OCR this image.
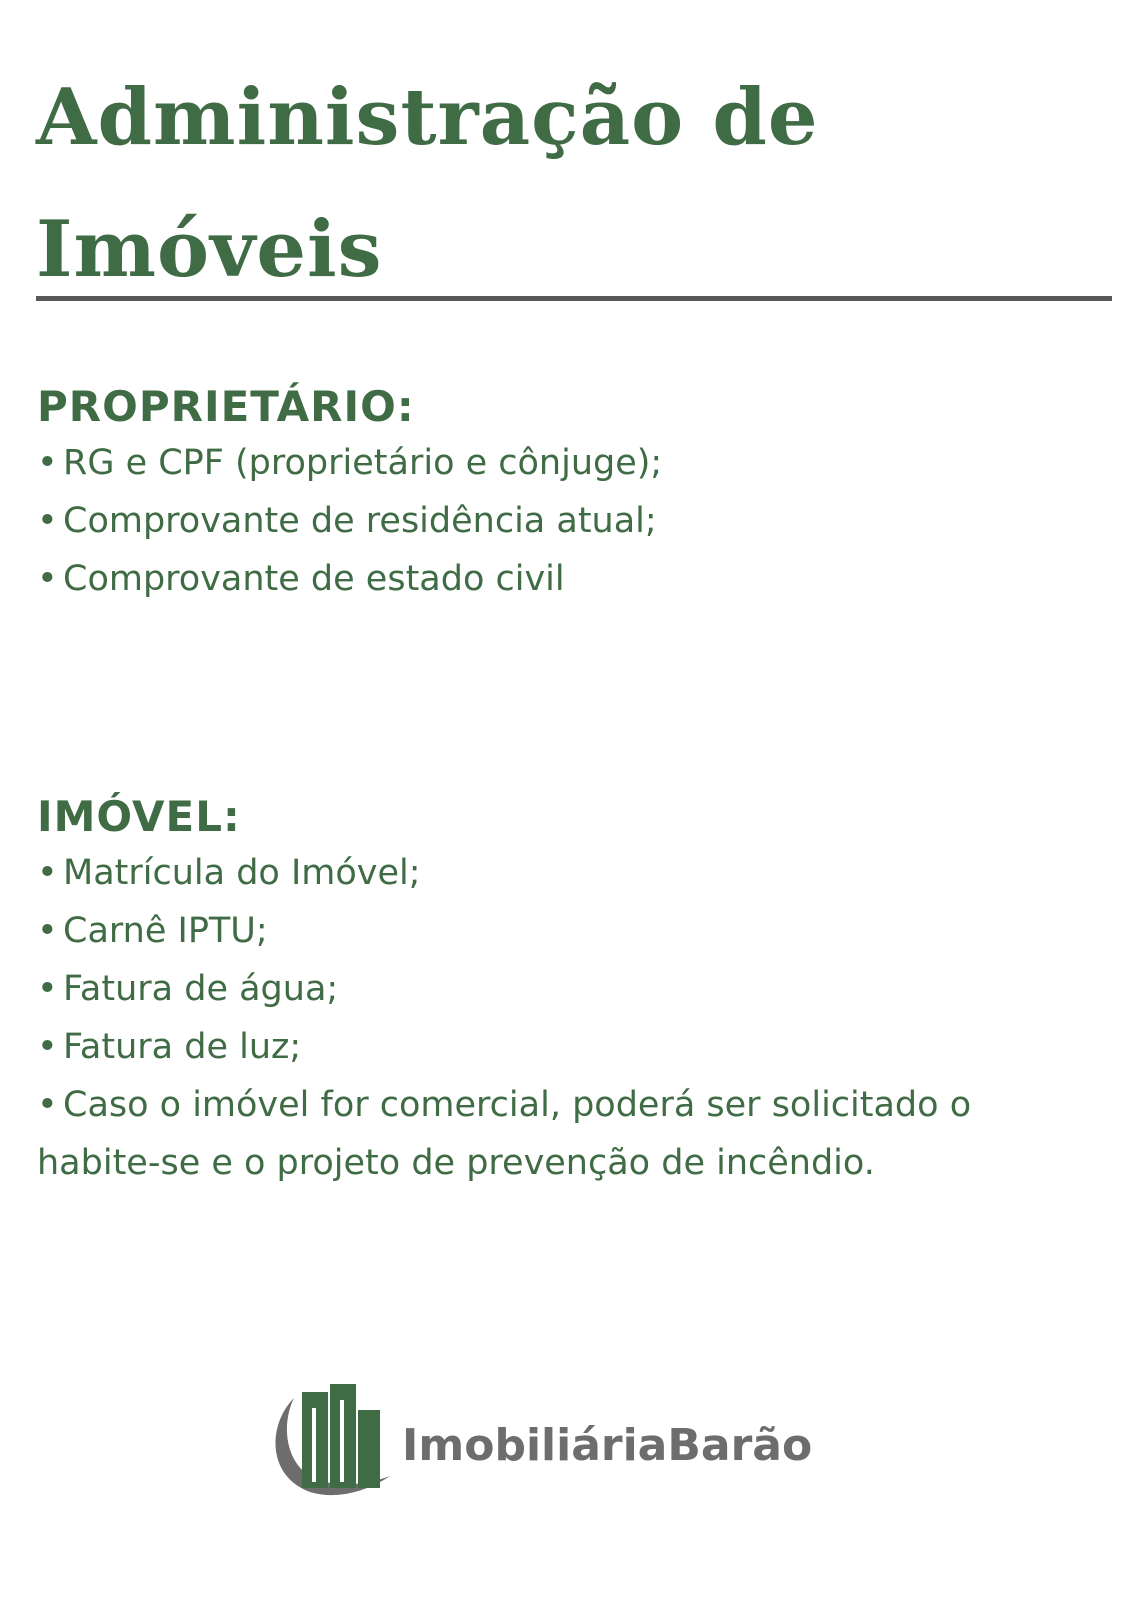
Administração de
Imóveis
PROPRIETÁRIO:

• RG e CPF (proprietário e cônjuge);

• Comprovante de residência atual;

• Comprovante de estado civil

IMÓVEL:

• Matrícula do Imóvel;

• Carnê IPTU;

• Fatura de água;

• Fatura de luz;

• Caso o imóvel for comercial, poderá ser solicitado o habite-se e o projeto de prevenção de incêndio.

ImobiliáriaBarão
